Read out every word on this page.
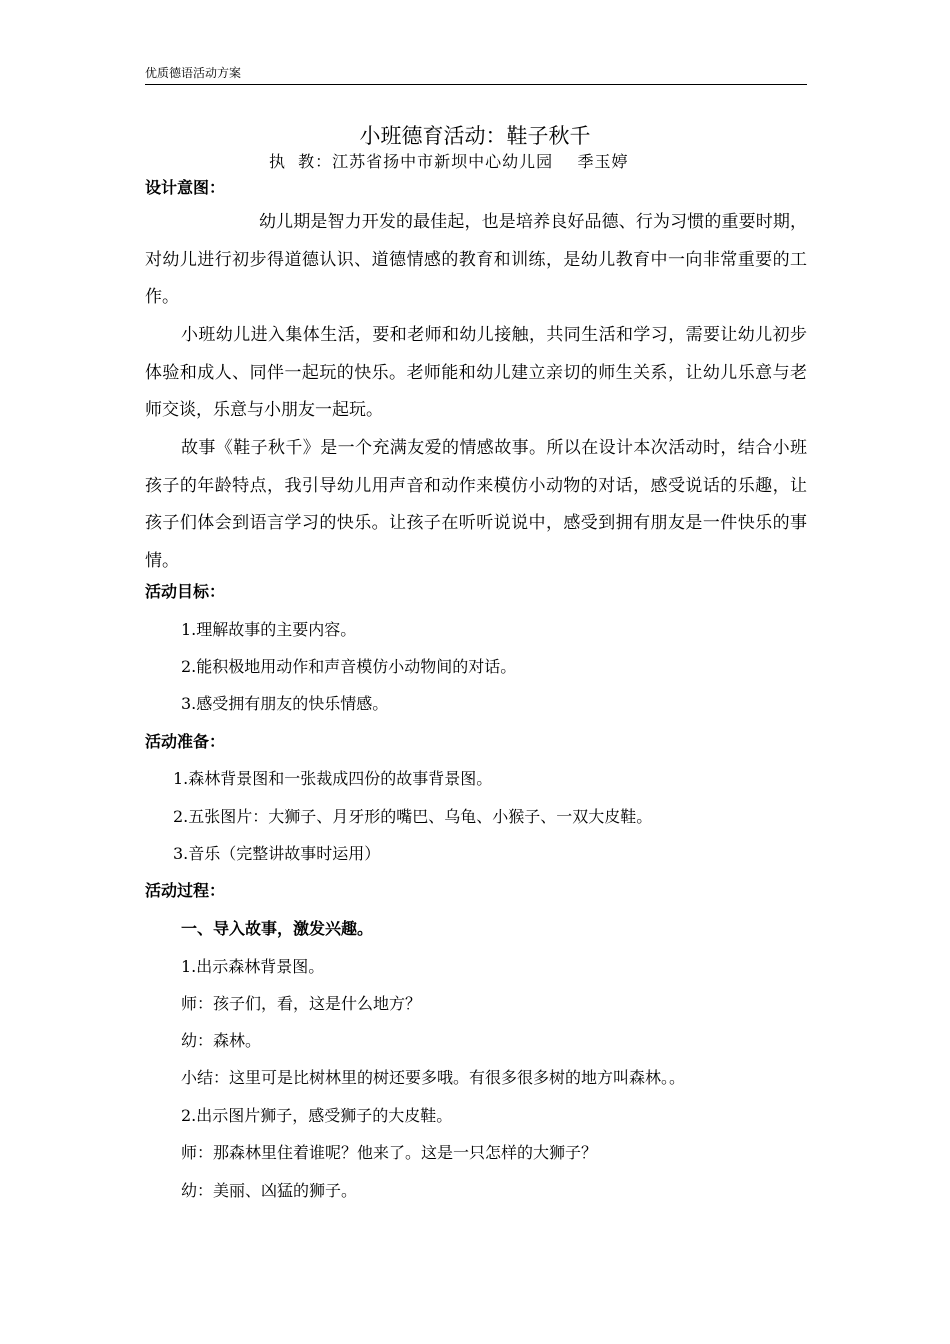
优质德语活动方案
小班德育活动：鞋子秋千
执  教：江苏省扬中市新坝中心幼儿园    季玉婷
设计意图：
幼儿期是智力开发的最佳起，也是培养良好品德、行为习惯的重要时期，对幼儿进行初步得道德认识、道德情感的教育和训练，是幼儿教育中一向非常重要的工作。
小班幼儿进入集体生活，要和老师和幼儿接触，共同生活和学习，需要让幼儿初步体验和成人、同伴一起玩的快乐。老师能和幼儿建立亲切的师生关系，让幼儿乐意与老师交谈，乐意与小朋友一起玩。
故事《鞋子秋千》是一个充满友爱的情感故事。所以在设计本次活动时，结合小班孩子的年龄特点，我引导幼儿用声音和动作来模仿小动物的对话，感受说话的乐趣，让孩子们体会到语言学习的快乐。让孩子在听听说说中，感受到拥有朋友是一件快乐的事情。
活动目标：
1.理解故事的主要内容。
2.能积极地用动作和声音模仿小动物间的对话。
3.感受拥有朋友的快乐情感。
活动准备：
1.森林背景图和一张裁成四份的故事背景图。
2.五张图片：大狮子、月牙形的嘴巴、乌龟、小猴子、一双大皮鞋。
3.音乐（完整讲故事时运用）
活动过程：
一、导入故事，激发兴趣。
1.出示森林背景图。
师：孩子们，看，这是什么地方？
幼：森林。
小结：这里可是比树林里的树还要多哦。有很多很多树的地方叫森林。。
2.出示图片狮子，感受狮子的大皮鞋。
师：那森林里住着谁呢？他来了。这是一只怎样的大狮子？
幼：美丽、凶猛的狮子。
